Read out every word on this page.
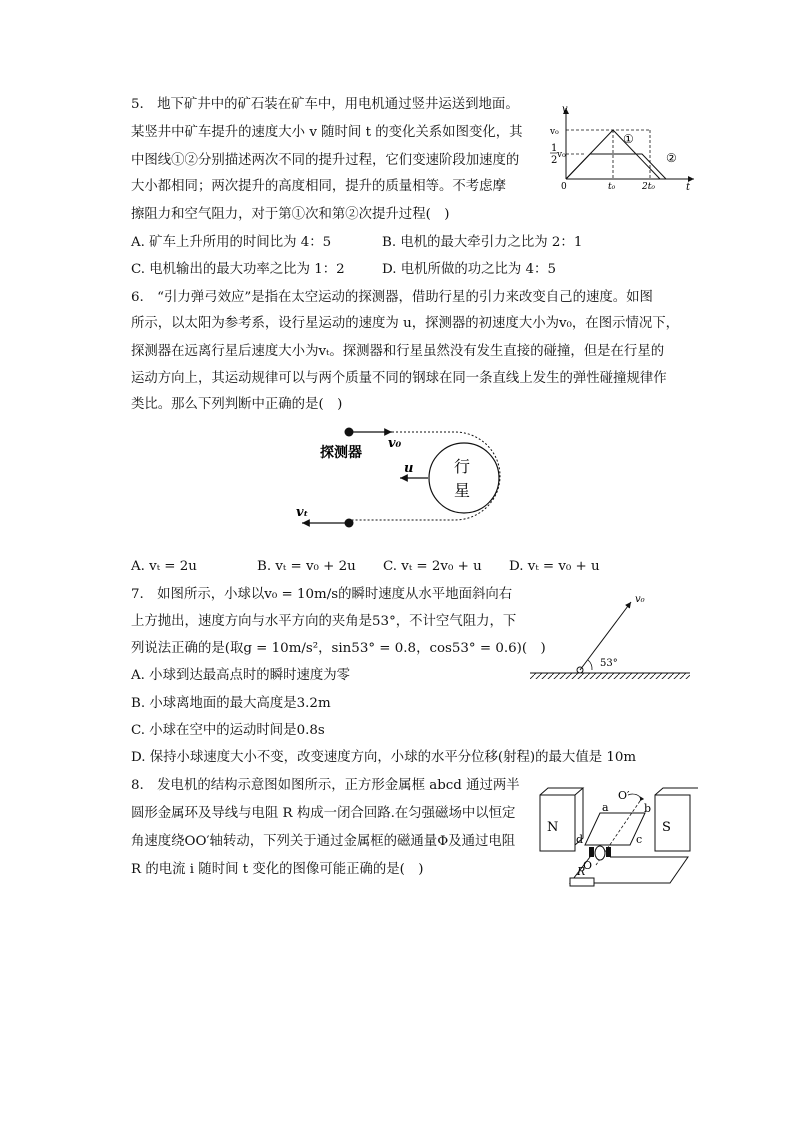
5.　地下矿井中的矿石装在矿车中，用电机通过竖井运送到地面。
某竖井中矿车提升的速度大小 v 随时间 t 的变化关系如图变化，其
中图线①②分别描述两次不同的提升过程，它们变速阶段加速度的
大小都相同；两次提升的高度相同，提升的质量相等。不考虑摩
擦阻力和空气阻力，对于第①次和第②次提升过程(　)
A. 矿车上升所用的时间比为 4：5	B. 电机的最大牵引力之比为 2：1
C. 电机输出的最大功率之比为 1：2	D. 电机所做的功之比为 4：5
v
t
v₀
1
2 v₀
0	t₀	2t₀
①
②
6.　“引力弹弓效应”是指在太空运动的探测器，借助行星的引力来改变自己的速度。如图
所示，以太阳为参考系，设行星运动的速度为 u，探测器的初速度大小为v₀，在图示情况下，
探测器在远离行星后速度大小为vₜ。探测器和行星虽然没有发生直接的碰撞，但是在行星的
运动方向上，其运动规律可以与两个质量不同的钢球在同一条直线上发生的弹性碰撞规律作
类比。那么下列判断中正确的是(　)
探测器
v₀
u	行
星
vₜ
A. vₜ = 2u	B. vₜ = v₀ + 2u C. vₜ = 2v₀ + u D. vₜ = v₀ + u
7.　如图所示，小球以v₀ = 10m/s的瞬时速度从水平地面斜向右
上方抛出，速度方向与水平方向的夹角是53°，不计空气阻力，下
列说法正确的是(取g = 10m/s²，sin53° = 0.8，cos53° = 0.6)(　)
A. 小球到达最高点时的瞬时速度为零
B. 小球离地面的最大高度是3.2m
C. 小球在空中的运动时间是0.8s
D. 保持小球速度大小不变，改变速度方向，小球的水平分位移(射程)的最大值是 10m
v₀
53°
8.　发电机的结构示意图如图所示，正方形金属框 abcd 通过两半
圆形金属环及导线与电阻 R 构成一闭合回路.在匀强磁场中以恒定
角速度绕OO′轴转动，下列关于通过金属框的磁通量Φ及通过电阻
R 的电流 i 随时间 t 变化的图像可能正确的是(　)
N	S
a	b
c
d
O′
O
R
